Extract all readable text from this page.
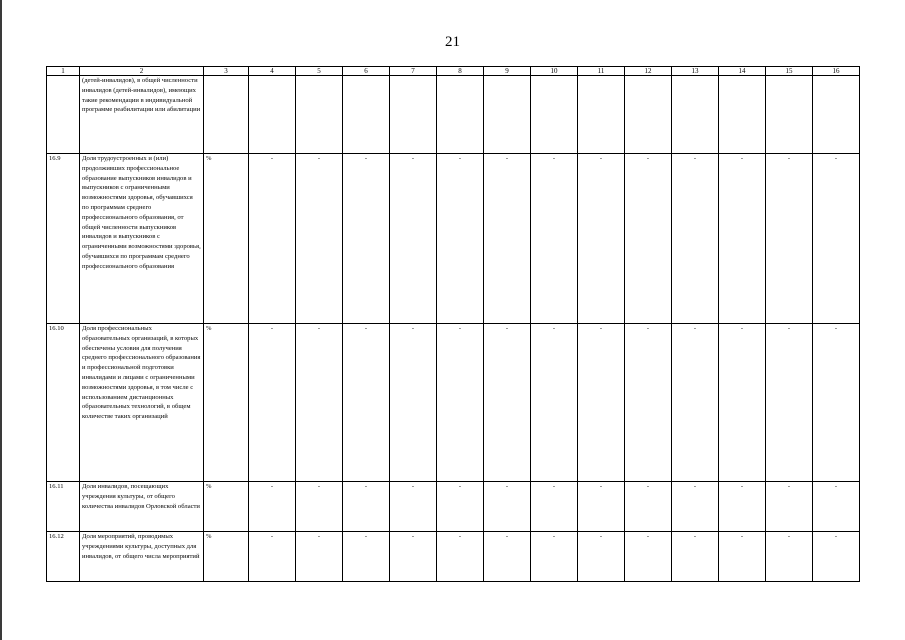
21
1	2	3	4	5	6	7	8	9	10	11	12	13	14	15	16
	(детей-инвалидов), в общей численности инвалидов (детей-инвалидов), имеющих такие рекомендации в индивидуальной программе реабилитации или абилитации														
16.9	Доля трудоустроенных и (или) продолживших профессиональное образование выпускников инвалидов и выпускников с ограниченными возможностями здоровья, обучавшихся по программам среднего профессионального образования, от общей численности выпускников инвалидов и выпускников с ограниченными возможностями здоровья, обучавшихся по программам среднего профессионального образования	%	-	-	-	-	-	-	-	-	-	-	-	-	-
16.10	Доля профессиональных образовательных организаций, в которых обеспечены условия для получения среднего профессионального образования и профессиональной подготовки инвалидами и лицами с ограниченными возможностями здоровья, в том числе с использованием дистанционных образовательных технологий, в общем количестве таких организаций	%	-	-	-	-	-	-	-	-	-	-	-	-	-
16.11	Доля инвалидов, посещающих учреждения культуры, от общего количества инвалидов Орловской области	%	-	-	-	-	-	-	-	-	-	-	-	-	-
16.12	Доля мероприятий, проводимых учреждениями культуры, доступных для инвалидов, от общего числа мероприятий	%	-	-	-	-	-	-	-	-	-	-	-	-	-
